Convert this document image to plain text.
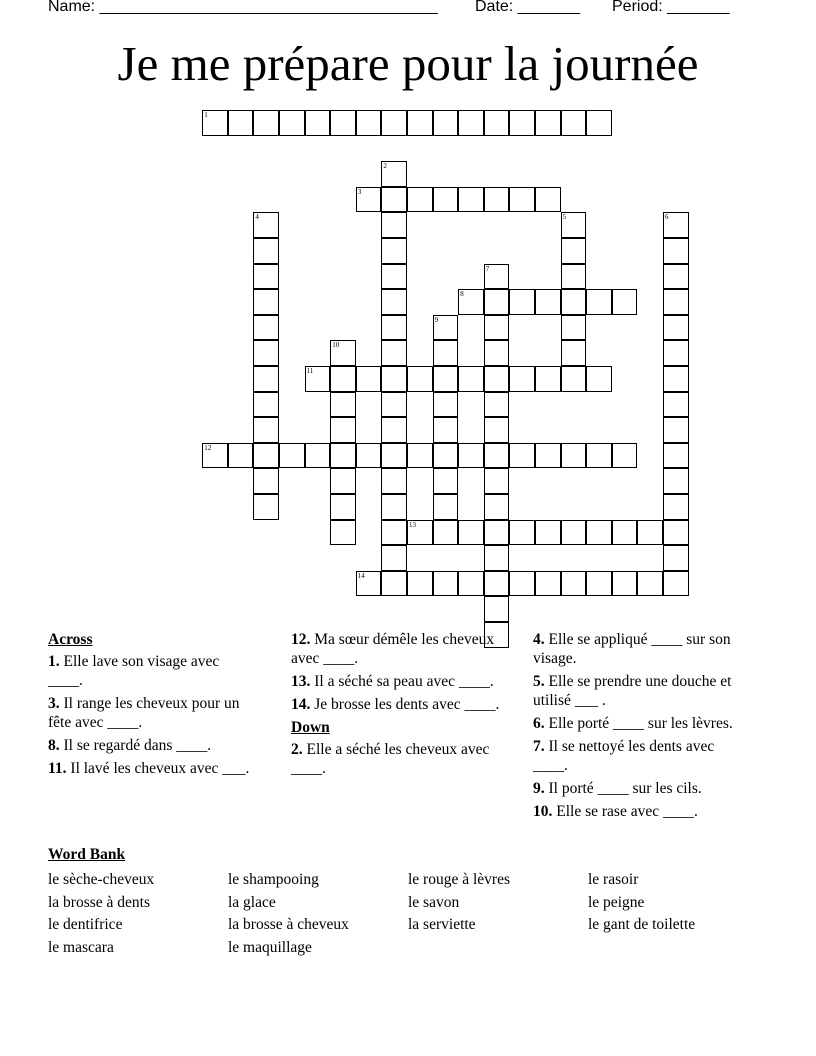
Name: ______________________________________ Date: _______ Period: _______
Je me prépare pour la journée
1
2
3
4	5	6
7
8
9
10
11
12
13
14
Across
1. Elle lave son visage avec ____.
3. Il range les cheveux pour un fête avec ____.
8. Il se regardé dans ____.
11. Il lavé les cheveux avec ___.
12. Ma sœur démêle les cheveux avec ____.
13. Il a séché sa peau avec ____.
14. Je brosse les dents avec ____.
Down
2. Elle a séché les cheveux avec ____.
4. Elle se appliqué ____ sur son visage.
5. Elle se prendre une douche et utilisé ___ .
6. Elle porté ____ sur les lèvres.
7. Il se nettoyé les dents avec ____.
9. Il porté ____ sur les cils.
10. Elle se rase avec ____.
Word Bank
le sèche-cheveux
la brosse à dents
le dentifrice
le mascara
le shampooing
la glace
la brosse à cheveux
le maquillage
le rouge à lèvres
le savon
la serviette
le rasoir
le peigne
le gant de toilette
